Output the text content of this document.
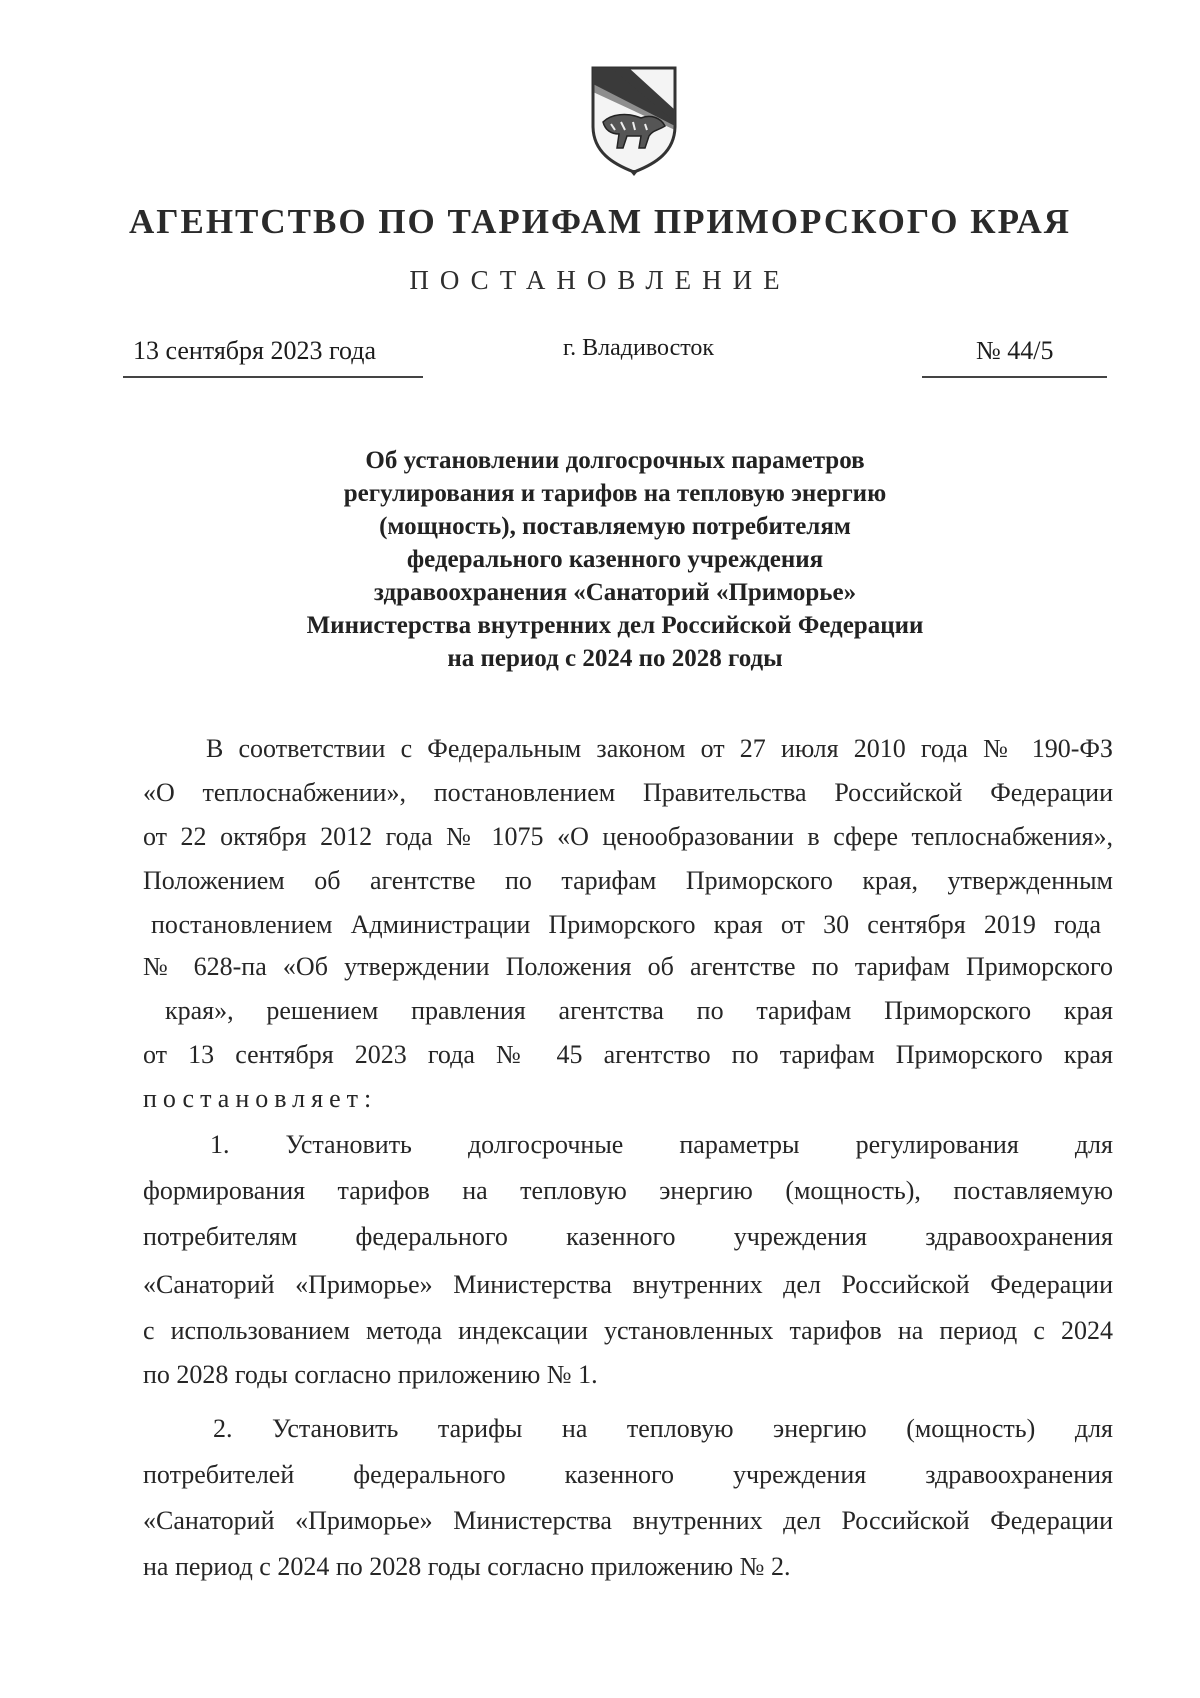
АГЕНТСТВО ПО ТАРИФАМ ПРИМОРСКОГО КРАЯ
ПОСТАНОВЛЕНИЕ
13 сентября 2023 года	г. Владивосток	№ 44/5
Об установлении долгосрочных параметров
регулирования и тарифов на тепловую энергию
(мощность), поставляемую потребителям
федерального казенного учреждения
здравоохранения «Санаторий «Приморье»
Министерства внутренних дел Российской Федерации
на период с 2024 по 2028 годы
В соответствии с Федеральным законом от 27 июля 2010 года № 190-ФЗ
«О теплоснабжении», постановлением Правительства Российской Федерации
от 22 октября 2012 года № 1075 «О ценообразовании в сфере теплоснабжения»,
Положением об агентстве по тарифам Приморского края, утвержденным
постановлением Администрации Приморского края от 30 сентября 2019 года
№ 628-па «Об утверждении Положения об агентстве по тарифам Приморского
края», решением правления агентства по тарифам Приморского края
от 13 сентября 2023 года № 45 агентство по тарифам Приморского края
постановляет:
1. Установить долгосрочные параметры регулирования для
формирования тарифов на тепловую энергию (мощность), поставляемую
потребителям федерального казенного учреждения здравоохранения
«Санаторий «Приморье» Министерства внутренних дел Российской Федерации
с использованием метода индексации установленных тарифов на период с 2024
по 2028 годы согласно приложению № 1.
2. Установить тарифы на тепловую энергию (мощность) для
потребителей федерального казенного учреждения здравоохранения
«Санаторий «Приморье» Министерства внутренних дел Российской Федерации
на период с 2024 по 2028 годы согласно приложению № 2.
